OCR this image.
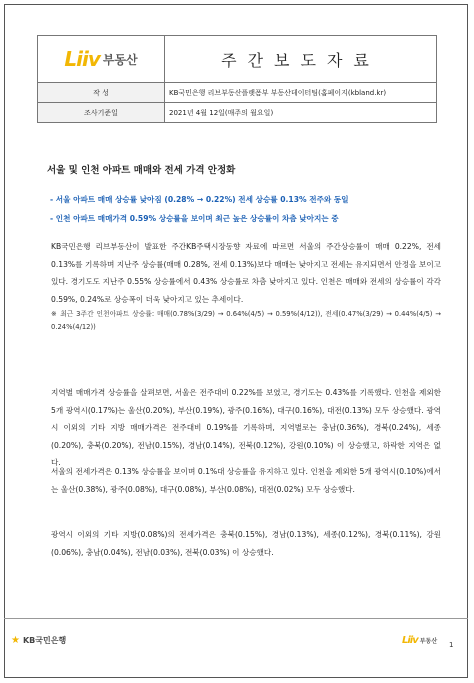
Liiv 부동산	주간보도자료
작 성	KB국민은행 리브부동산플랫폼부 부동산데이터팀(홈페이지(kbland.kr)
조사기준일	2021년 4월 12일(매주의 월요일)
서울 및 인천 아파트 매매와 전세 가격 안정화
- 서울 아파트 매매 상승률 낮아짐 (0.28% → 0.22%) 전세 상승률 0.13% 전주와 동일
- 인천 아파트 매매가격 0.59% 상승률을 보이며 최근 높은 상승률이 차츰 낮아지는 중
KB국민은행 리브부동산이 발표한 주간KB주택시장동향 자료에 따르면 서울의 주간상승률이 매매 0.22%, 전세 0.13%를 기록하며 지난주 상승률(매매 0.28%, 전세 0.13%)보다 매매는 낮아지고 전세는 유지되면서 안정을 보이고 있다. 경기도도 지난주 0.55% 상승률에서 0.43% 상승률로 차츰 낮아지고 있다. 인천은 매매와 전세의 상승률이 각각 0.59%, 0.24%로 상승폭이 더욱 낮아지고 있는 추세이다.
※ 최근 3주간 인천아파트 상승률: 매매(0.78%(3/29) → 0.64%(4/5) → 0.59%(4/12)), 전세(0.47%(3/29) → 0.44%(4/5) → 0.24%(4/12))
지역별 매매가격 상승률을 살펴보면, 서울은 전주대비 0.22%를 보였고, 경기도는 0.43%를 기록했다. 인천을 제외한 5개 광역시(0.17%)는 울산(0.20%), 부산(0.19%), 광주(0.16%), 대구(0.16%), 대전(0.13%) 모두 상승했다. 광역시 이외의 기타 지방 매매가격은 전주대비 0.19%를 기록하며, 지역별로는 충남(0.36%), 경북(0.24%), 세종(0.20%), 충북(0.20%), 전남(0.15%), 경남(0.14%), 전북(0.12%), 강원(0.10%) 이 상승했고, 하락한 지역은 없다.
서울의 전세가격은 0.13% 상승률을 보이며 0.1%대 상승률을 유지하고 있다. 인천을 제외한 5개 광역시(0.10%)에서는 울산(0.38%), 광주(0.08%), 대구(0.08%), 부산(0.08%), 대전(0.02%) 모두 상승했다.
광역시 이외의 기타 지방(0.08%)의 전세가격은 충북(0.15%), 경남(0.13%), 세종(0.12%), 경북(0.11%), 강원(0.06%), 충남(0.04%), 전남(0.03%), 전북(0.03%) 이 상승했다.
★ KB국민은행	Liiv 부동산 1
